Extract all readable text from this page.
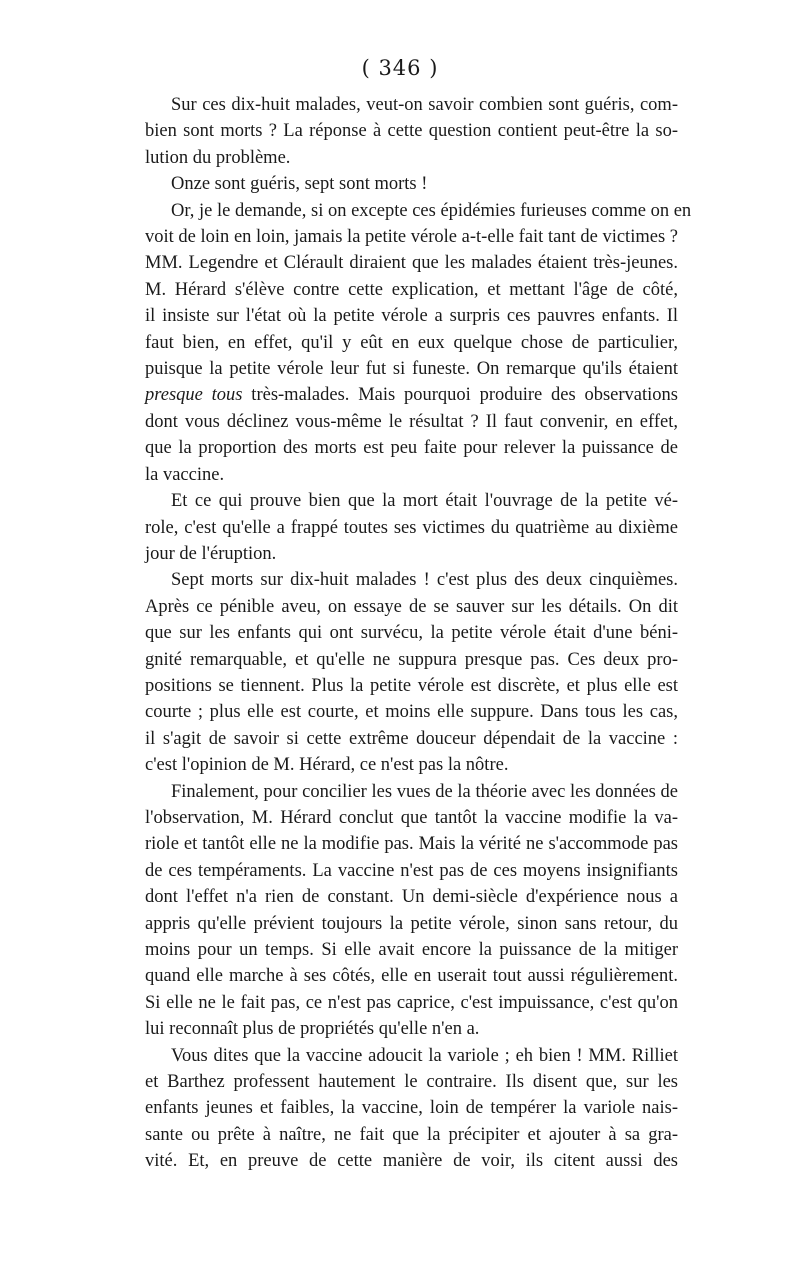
( 346 )
Sur ces dix-huit malades, veut-on savoir combien sont guéris, com-
bien sont morts ? La réponse à cette question contient peut-être la so-
lution du problème.
Onze sont guéris, sept sont morts !
Or, je le demande, si on excepte ces épidémies furieuses comme on en
voit de loin en loin, jamais la petite vérole a-t-elle fait tant de victimes ?
MM. Legendre et Clérault diraient que les malades étaient très-jeunes.
M. Hérard s'élève contre cette explication, et mettant l'âge de côté,
il insiste sur l'état où la petite vérole a surpris ces pauvres enfants. Il
faut bien, en effet, qu'il y eût en eux quelque chose de particulier,
puisque la petite vérole leur fut si funeste. On remarque qu'ils étaient
presque tous très-malades. Mais pourquoi produire des observations
dont vous déclinez vous-même le résultat ? Il faut convenir, en effet,
que la proportion des morts est peu faite pour relever la puissance de
la vaccine.
Et ce qui prouve bien que la mort était l'ouvrage de la petite vé-
role, c'est qu'elle a frappé toutes ses victimes du quatrième au dixième
jour de l'éruption.
Sept morts sur dix-huit malades ! c'est plus des deux cinquièmes.
Après ce pénible aveu, on essaye de se sauver sur les détails. On dit
que sur les enfants qui ont survécu, la petite vérole était d'une béni-
gnité remarquable, et qu'elle ne suppura presque pas. Ces deux pro-
positions se tiennent. Plus la petite vérole est discrète, et plus elle est
courte ; plus elle est courte, et moins elle suppure. Dans tous les cas,
il s'agit de savoir si cette extrême douceur dépendait de la vaccine :
c'est l'opinion de M. Hérard, ce n'est pas la nôtre.
Finalement, pour concilier les vues de la théorie avec les données de
l'observation, M. Hérard conclut que tantôt la vaccine modifie la va-
riole et tantôt elle ne la modifie pas. Mais la vérité ne s'accommode pas
de ces tempéraments. La vaccine n'est pas de ces moyens insignifiants
dont l'effet n'a rien de constant. Un demi-siècle d'expérience nous a
appris qu'elle prévient toujours la petite vérole, sinon sans retour, du
moins pour un temps. Si elle avait encore la puissance de la mitiger
quand elle marche à ses côtés, elle en userait tout aussi régulièrement.
Si elle ne le fait pas, ce n'est pas caprice, c'est impuissance, c'est qu'on
lui reconnaît plus de propriétés qu'elle n'en a.
Vous dites que la vaccine adoucit la variole ; eh bien ! MM. Rilliet
et Barthez professent hautement le contraire. Ils disent que, sur les
enfants jeunes et faibles, la vaccine, loin de tempérer la variole nais-
sante ou prête à naître, ne fait que la précipiter et ajouter à sa gra-
vité. Et, en preuve de cette manière de voir, ils citent aussi des
